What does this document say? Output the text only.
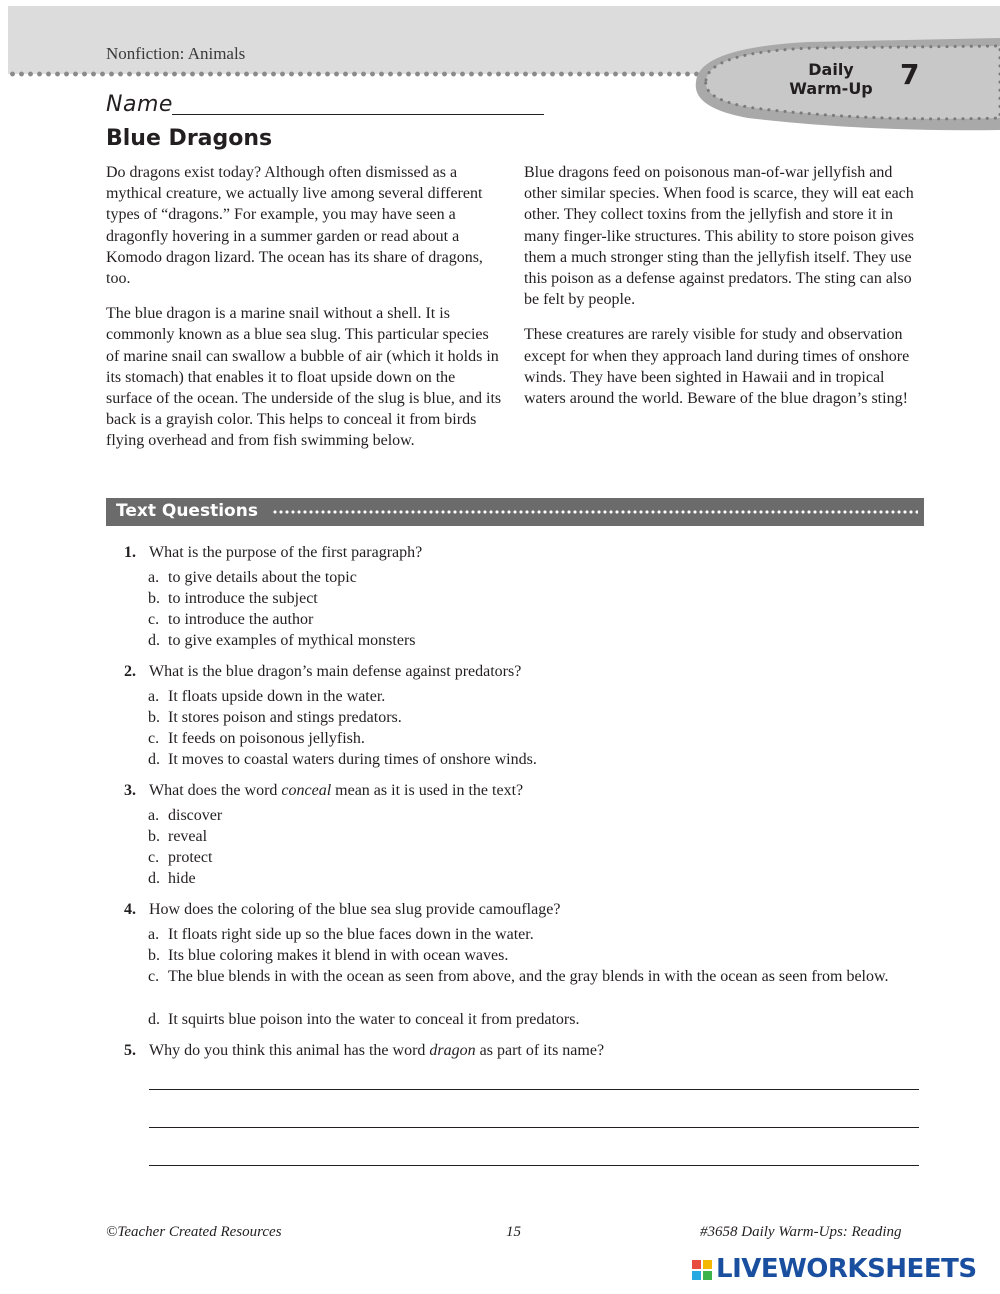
Nonfiction: Animals
Daily
Warm-Up 7
Name
Blue Dragons

Do dragons exist today? Although often dismissed as a mythical creature, we actually live among several different types of “dragons.” For example, you may have seen a dragonfly hovering in a summer garden or read about a Komodo dragon lizard. The ocean has its share of dragons, too.

The blue dragon is a marine snail without a shell. It is commonly known as a blue sea slug. This particular species of marine snail can swallow a bubble of air (which it holds in its stomach) that enables it to float upside down on the surface of the ocean. The underside of the slug is blue, and its back is a grayish color. This helps to conceal it from birds flying overhead and from fish swimming below.

Blue dragons feed on poisonous man-of-war jellyfish and other similar species. When food is scarce, they will eat each other. They collect toxins from the jellyfish and store it in many finger-like structures. This ability to store poison gives them a much stronger sting than the jellyfish itself. They use this poison as a defense against predators. The sting can also be felt by people.

These creatures are rarely visible for study and observation except for when they approach land during times of onshore winds. They have been sighted in Hawaii and in tropical waters around the world. Beware of the blue dragon’s sting!

Text Questions
1. What is the purpose of the first paragraph?
a. to give details about the topic
b. to introduce the subject
c. to introduce the author
d. to give examples of mythical monsters
2. What is the blue dragon’s main defense against predators?
a. It floats upside down in the water.
b. It stores poison and stings predators.
c. It feeds on poisonous jellyfish.
d. It moves to coastal waters during times of onshore winds.
3. What does the word conceal mean as it is used in the text?
a. discover
b. reveal
c. protect
d. hide
4. How does the coloring of the blue sea slug provide camouflage?
a. It floats right side up so the blue faces down in the water.
b. Its blue coloring makes it blend in with ocean waves.
c. The blue blends in with the ocean as seen from above, and the gray blends in with the ocean as seen from below.
d. It squirts blue poison into the water to conceal it from predators.
5. Why do you think this animal has the word dragon as part of its name?
©Teacher Created Resources	15	#3658 Daily Warm-Ups: Reading
LIVEWORKSHEETS
